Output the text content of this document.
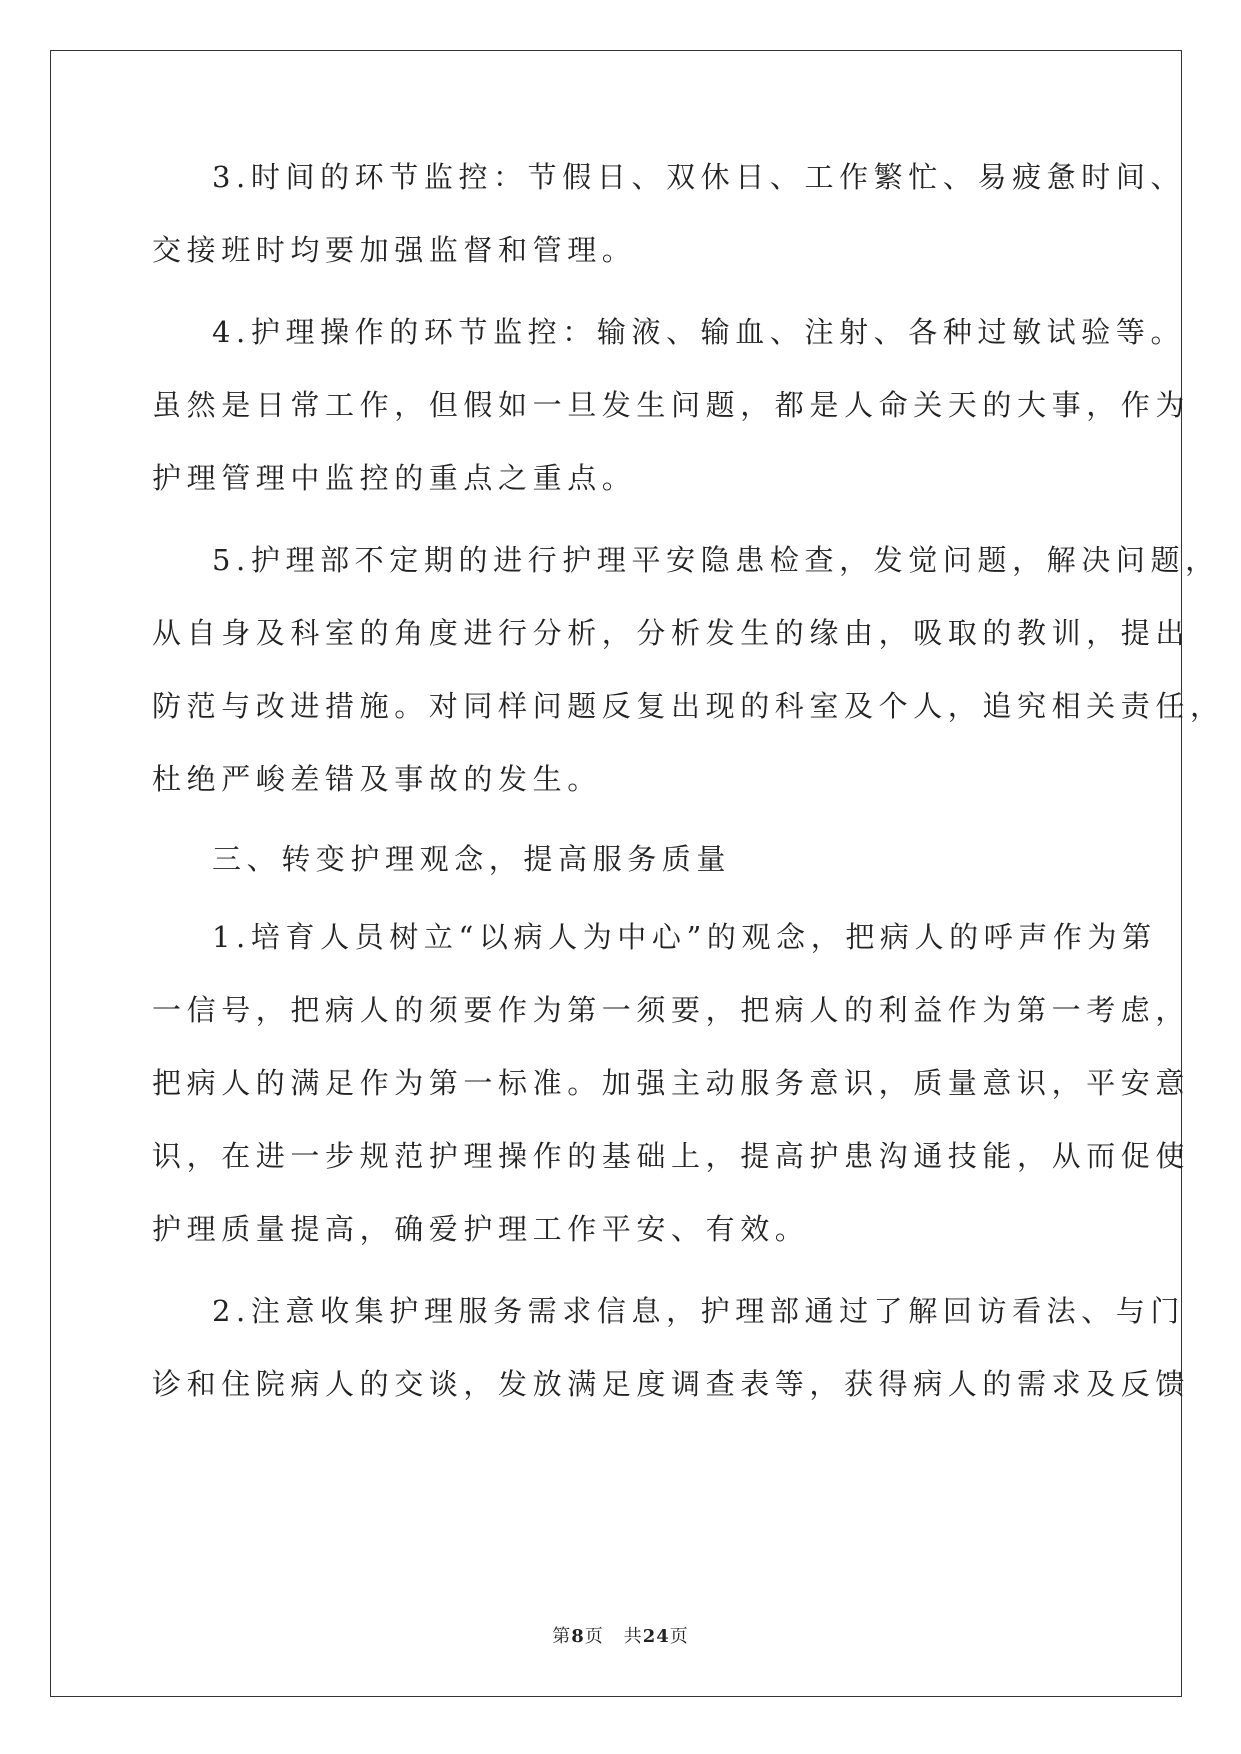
3.时间的环节监控：节假日、双休日、工作繁忙、易疲惫时间、
交接班时均要加强监督和管理。
4.护理操作的环节监控：输液、输血、注射、各种过敏试验等。
虽然是日常工作，但假如一旦发生问题，都是人命关天的大事，作为
护理管理中监控的重点之重点。
5.护理部不定期的进行护理平安隐患检查，发觉问题，解决问题，
从自身及科室的角度进行分析，分析发生的缘由，吸取的教训，提出
防范与改进措施。对同样问题反复出现的科室及个人，追究相关责任，
杜绝严峻差错及事故的发生。
三、转变护理观念，提高服务质量
1.培育人员树立“以病人为中心”的观念，把病人的呼声作为第
一信号，把病人的须要作为第一须要，把病人的利益作为第一考虑，
把病人的满足作为第一标准。加强主动服务意识，质量意识，平安意
识，在进一步规范护理操作的基础上，提高护患沟通技能，从而促使
护理质量提高，确爱护理工作平安、有效。
2.注意收集护理服务需求信息，护理部通过了解回访看法、与门
诊和住院病人的交谈，发放满足度调查表等，获得病人的需求及反馈
第8页 共24页
